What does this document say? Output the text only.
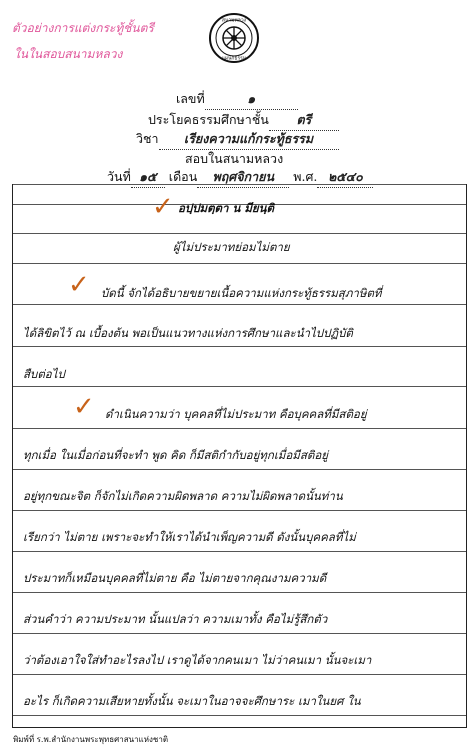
ตัวอย่างการแต่งกระทู้ชั้นตรี
ในในสอบสนามหลวง
สนามหลวง
แผนกธรรม
เลขที่	๑
ประโยคธรรมศึกษาชั้น ตรี
วิชา เรียงความแก้กระทู้ธรรม
สอบในสนามหลวง
วันที่ ๑๕ เดือน พฤศจิกายน พ.ศ. ๒๕๔๐
✓ อปฺปมตฺตา น มียนฺติ
ผู้ไม่ประมาทย่อมไม่ตาย
✓ บัดนี้ จักได้อธิบายขยายเนื้อความแห่งกระทู้ธรรมสุภาษิตที่
ได้ลิขิตไว้ ณ เบื้องต้น พอเป็นแนวทางแห่งการศึกษาและนำไปปฏิบัติ
สืบต่อไป
✓ ดำเนินความว่า บุคคลที่ไม่ประมาท คือบุคคลที่มีสติอยู่
ทุกเมื่อ ในเมื่อก่อนที่จะทำ พูด คิด ก็มีสติกำกับอยู่ทุกเมื่อมีสติอยู่
อยู่ทุกขณะจิต ก็จักไม่เกิดความผิดพลาด ความไม่ผิดพลาดนั้นท่าน
เรียกว่า ไม่ตาย เพราะจะทำให้เราได้นำเพ็ญความดี ดังนั้นบุคคลที่ไม่
ประมาทก็เหมือนบุคคลที่ไม่ตาย คือ ไม่ตายจากคุณงามความดี
ส่วนคำว่า ความประมาท นั้นแปลว่า ความเมาทั้ง คือไม่รู้สึกตัว
ว่าต้องเอาใจใส่ทำอะไรลงไป เราดูได้จากคนเมา ไม่ว่าคนเมา นั้นจะเมา
อะไร ก็เกิดความเสียหายทั้งนั้น จะเมาในอาจจะศึกษาระ เมาในยศ ใน
พิมพ์ที่ ร.พ.สำนักงานพระพุทธศาสนาแห่งชาติ
